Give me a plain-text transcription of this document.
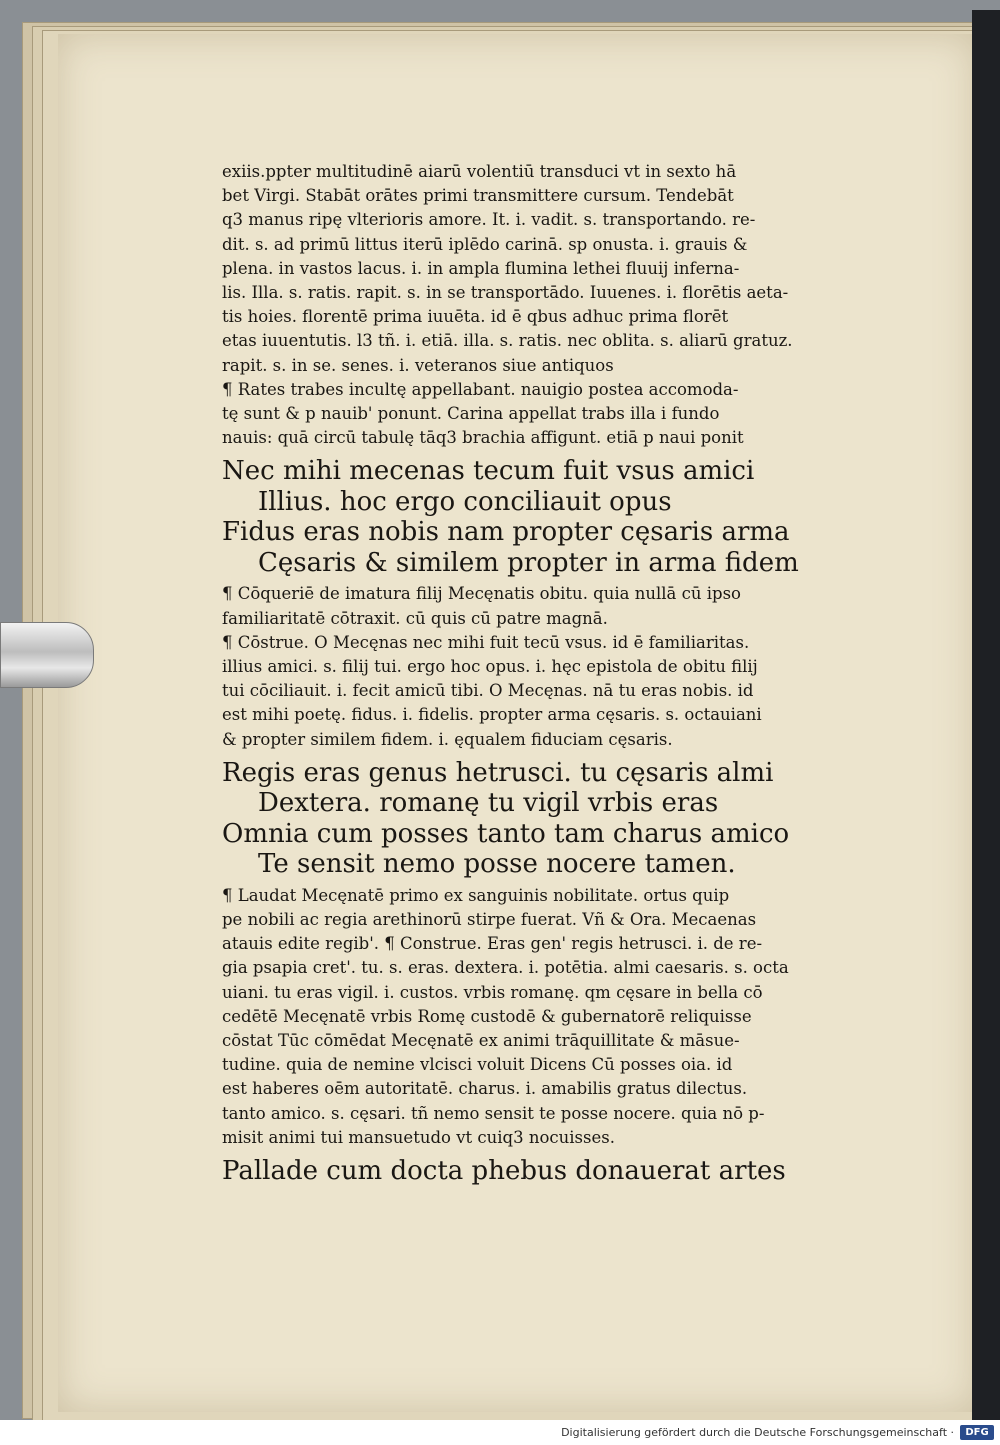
exiis.ppter multitudinē aiarū volentiū transduci vt in sexto hā
bet Virgi. Stabāt orātes primi transmittere cursum. Tendebāt
q3 manus ripę vlterioris amore. It. i. vadit. s. transportando. re-
dit. s. ad primū littus iterū iplēdo carinā. sp onusta. i. grauis &
plena. in vastos lacus. i. in ampla flumina lethei fluuij inferna-
lis. Illa. s. ratis. rapit. s. in se transportādo. Iuuenes. i. florētis aeta-
tis hoies. florentē prima iuuēta. id ē qbus adhuc prima florēt
etas iuuentutis. l3 tñ. i. etiā. illa. s. ratis. nec oblita. s. aliarū gratuz.
rapit. s. in se. senes. i. veteranos siue antiquos
¶ Rates trabes incultę appellabant. nauigio postea accomoda-
tę sunt & p nauib' ponunt. Carina appellat trabs illa i fundo
nauis: quā circū tabulę tāq3 brachia affigunt. etiā p naui ponit
Nec mihi mecenas tecum fuit vsus amici
Illius. hoc ergo conciliauit opus
Fidus eras nobis nam propter cęsaris arma
Cęsaris & similem propter in arma fidem
¶ Cōqueriē de imatura filij Mecęnatis obitu. quia nullā cū ipso
familiaritatē cōtraxit. cū quis cū patre magnā.
¶ Cōstrue. O Mecęnas nec mihi fuit tecū vsus. id ē familiaritas.
illius amici. s. filij tui. ergo hoc opus. i. hęc epistola de obitu filij
tui cōciliauit. i. fecit amicū tibi. O Mecęnas. nā tu eras nobis. id
est mihi poetę. fidus. i. fidelis. propter arma cęsaris. s. octauiani
& propter similem fidem. i. ęqualem fiduciam cęsaris.
Regis eras genus hetrusci. tu cęsaris almi
Dextera. romanę tu vigil vrbis eras
Omnia cum posses tanto tam charus amico
Te sensit nemo posse nocere tamen.
¶ Laudat Mecęnatē primo ex sanguinis nobilitate. ortus quip
pe nobili ac regia arethinorū stirpe fuerat. Vñ & Ora. Mecaenas
atauis edite regib'. ¶ Construe. Eras gen' regis hetrusci. i. de re-
gia psapia cret'. tu. s. eras. dextera. i. potētia. almi caesaris. s. octa
uiani. tu eras vigil. i. custos. vrbis romanę. qm cęsare in bella cō
cedētē Mecęnatē vrbis Romę custodē & gubernatorē reliquisse
cōstat Tūc cōmēdat Mecęnatē ex animi trāquillitate & māsue-
tudine. quia de nemine vlcisci voluit Dicens Cū posses oia. id
est haberes oēm autoritatē. charus. i. amabilis gratus dilectus.
tanto amico. s. cęsari. tñ nemo sensit te posse nocere. quia nō p-
misit animi tui mansuetudo vt cuiq3 nocuisses.
Pallade cum docta phebus donauerat artes
Digitalisierung gefördert durch die Deutsche Forschungsgemeinschaft ·	DFG
